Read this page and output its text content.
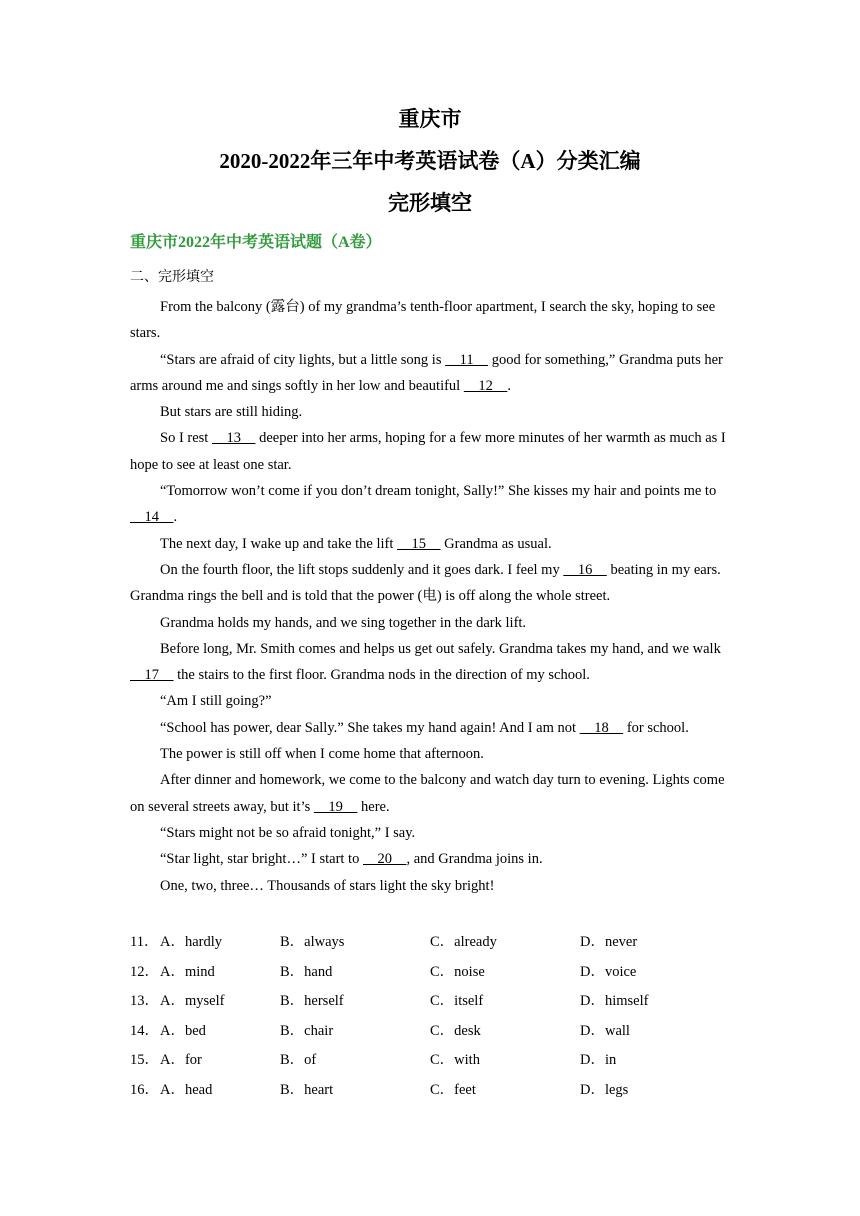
重庆市
2020-2022年三年中考英语试卷（A）分类汇编
完形填空
重庆市2022年中考英语试题（A卷）
二、完形填空

From the balcony (露台) of my grandma’s tenth-floor apartment, I search the sky, hoping to see stars.

“Stars are afraid of city lights, but a little song is     11     good for something,” Grandma puts her arms around me and sings softly in her low and beautiful     12    .

But stars are still hiding.

So I rest     13     deeper into her arms, hoping for a few more minutes of her warmth as much as I hope to see at least one star.

“Tomorrow won’t come if you don’t dream tonight, Sally!” She kisses my hair and points me to     14    .

The next day, I wake up and take the lift     15     Grandma as usual.

On the fourth floor, the lift stops suddenly and it goes dark. I feel my     16     beating in my ears. Grandma rings the bell and is told that the power (电) is off along the whole street.

Grandma holds my hands, and we sing together in the dark lift.

Before long, Mr. Smith comes and helps us get out safely. Grandma takes my hand, and we walk     17     the stairs to the first floor. Grandma nods in the direction of my school.

“Am I still going?”

“School has power, dear Sally.” She takes my hand again! And I am not     18     for school.

The power is still off when I come home that afternoon.

After dinner and homework, we come to the balcony and watch day turn to evening. Lights come on several streets away, but it’s     19     here.

“Stars might not be so afraid tonight,” I say.

“Star light, star bright…” I start to     20    , and Grandma joins in.

One, two, three… Thousands of stars light the sky bright!

11． A．hardly	B．always	C．already	D．never
12． A．mind	B．hand	C．noise	D．voice
13． A．myself	B．herself	C．itself	D．himself
14． A．bed	B．chair	C．desk	D．wall
15． A．for	B．of	C．with	D．in
16． A．head	B．heart	C．feet	D．legs
